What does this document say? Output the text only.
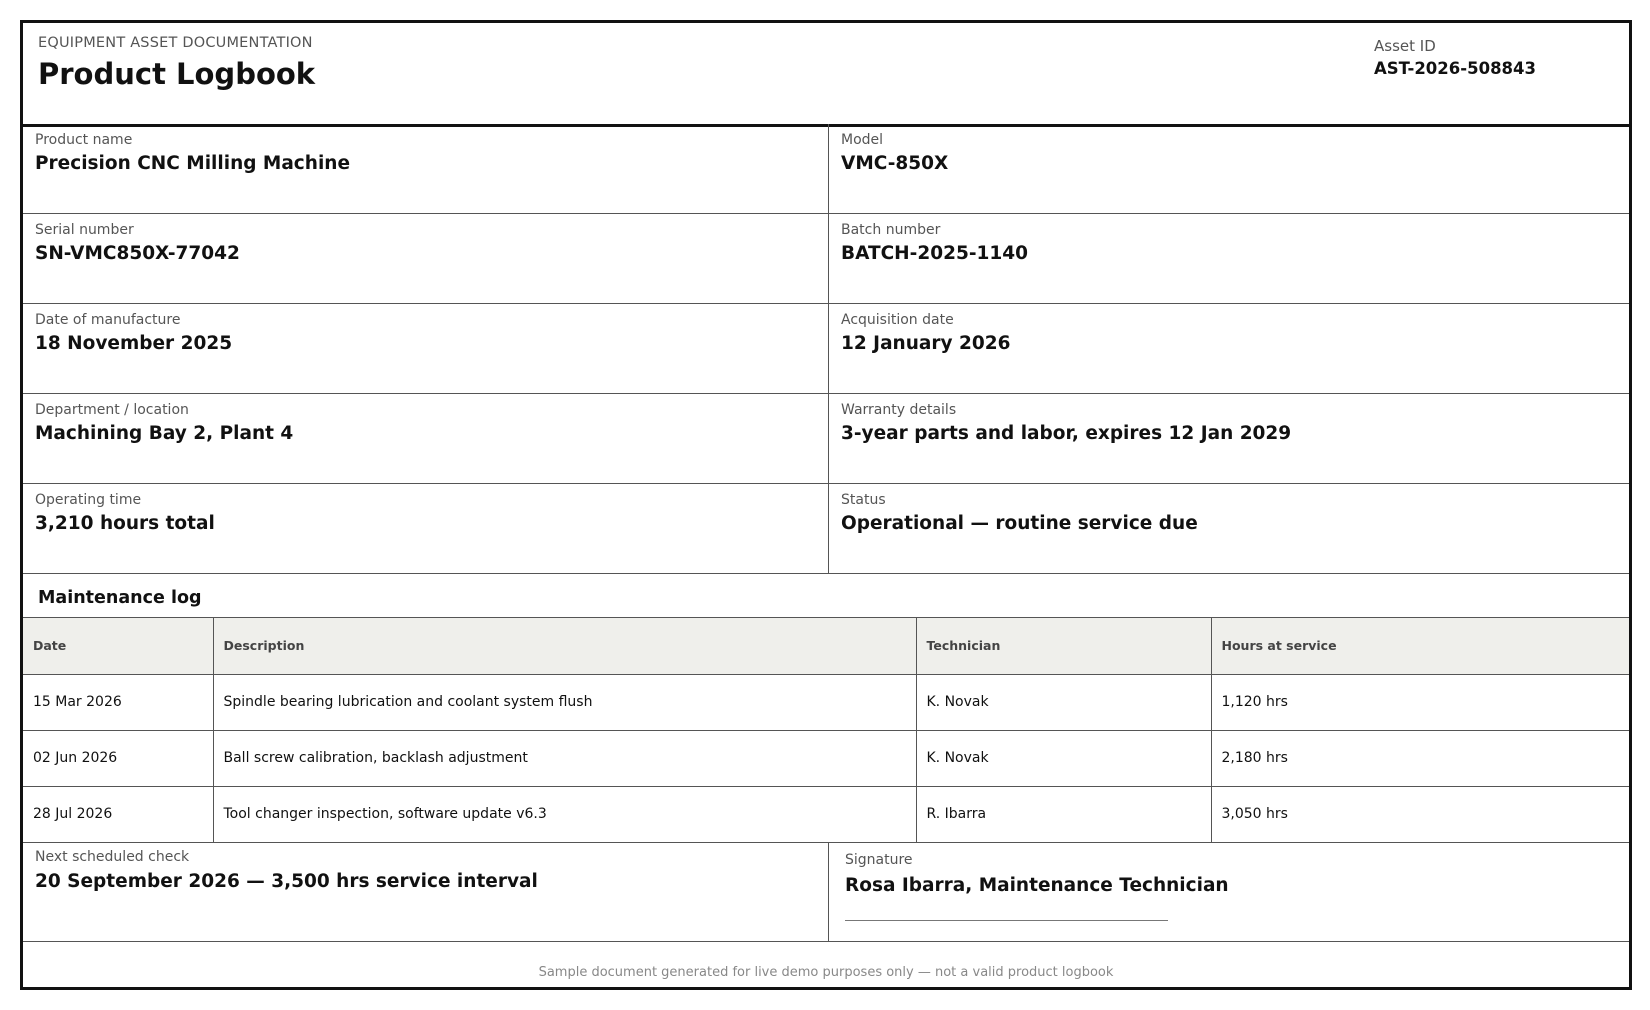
EQUIPMENT ASSET DOCUMENTATION
Product Logbook
Asset ID
AST-2026-508843
Product name
Precision CNC Milling Machine
Model
VMC-850X
Serial number
SN-VMC850X-77042
Batch number
BATCH-2025-1140
Date of manufacture
18 November 2025
Acquisition date
12 January 2026
Department / location
Machining Bay 2, Plant 4
Warranty details
3-year parts and labor, expires 12 Jan 2029
Operating time
3,210 hours total
Status
Operational — routine service due
Maintenance log
Date	Description	Technician	Hours at service
15 Mar 2026	Spindle bearing lubrication and coolant system flush	K. Novak	1,120 hrs
02 Jun 2026	Ball screw calibration, backlash adjustment	K. Novak	2,180 hrs
28 Jul 2026	Tool changer inspection, software update v6.3	R. Ibarra	3,050 hrs
Next scheduled check
20 September 2026 — 3,500 hrs service interval
Signature
Rosa Ibarra, Maintenance Technician
Sample document generated for live demo purposes only — not a valid product logbook
